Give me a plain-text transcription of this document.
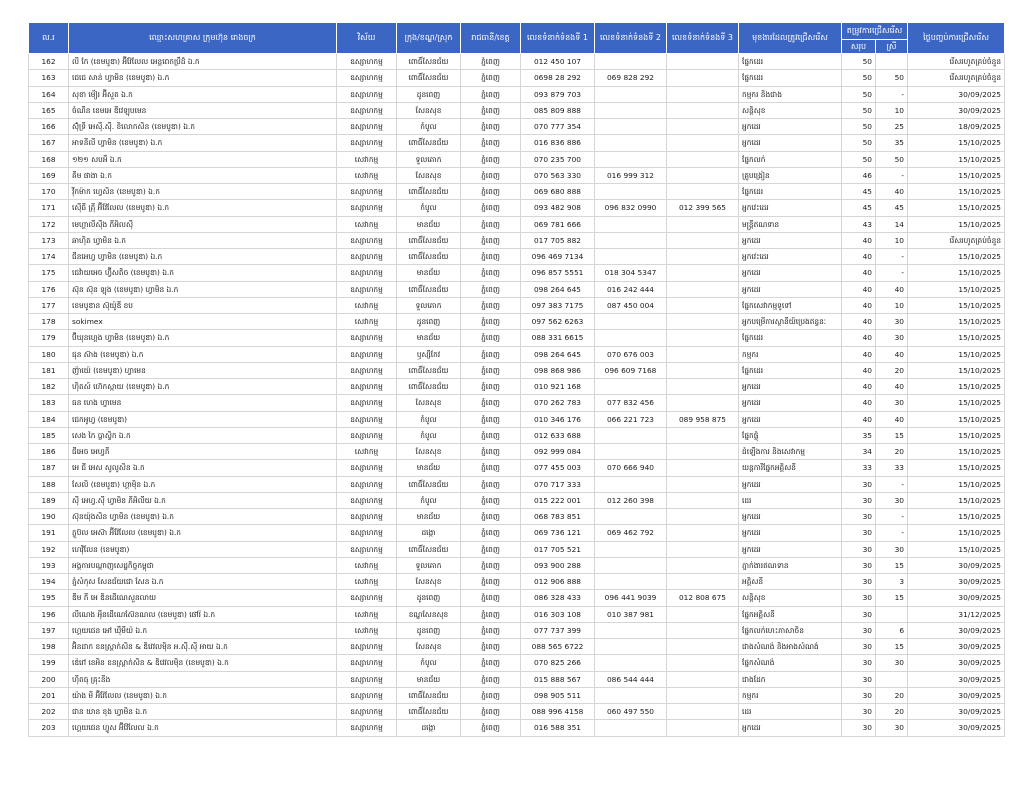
ល.រ	ឈ្មោះសហគ្រាស ក្រុមហ៊ុន រោងចក្រ	វិស័យ	ក្រុង/ខណ្ឌ/ស្រុក	រាជធានី/ខេត្ត	លេខទំនាក់ទំនងទី 1	លេខទំនាក់ទំនងទី 2	លេខទំនាក់ទំនងទី 3	មុខងារដែលត្រូវជ្រើសរើស	តម្រូវការជ្រើសរើស		ថ្ងៃបញ្ចប់ការជ្រើសរើស
									សរុប	ស្រី	
162	លី កែ (ខេមបូឌា) អ៊ីវ៉ែលែល អេន្តពេកប្រឹដ៏ ឯ.ក	ឧស្សាហកម្ម	ពោធិ៍សែនជ័យ	ភ្នំពេញ	012 450 107			ផ្នែកដេរ	50		រើសរហូតគ្រប់ចំនួន
163	ជេជេ សាន់ ហ្វាមិន (ខេមបូឌា) ឯ.ក	ឧស្សាហកម្ម	ពោធិ៍សែនជ័យ	ភ្នំពេញ	0698 28 292	069 828 292		ផ្នែកដេរ	50	50	រើសរហូតគ្រប់ចំនួន
164	សុខា ម៉ៀរ អ៊ីសួត ឯ.ក	ឧស្សាហកម្ម	ដូនពេញ	ភ្នំពេញ	093 879 703			កម្មករ និងជាង	50	-	30/09/2025
165	ចំណីន ខេមអេ ឌីវេឡុបមេន	ឧស្សាហកម្ម	សែនសុខ	ភ្នំពេញ	085 809 888			សន្តិសុខ	50	10	30/09/2025
166	ស៊ុំទ្រី អេស៊ី.ស៊ី. ខិលោកសិន (ខេមបូឌា) ឯ.ក	ឧស្សាហកម្ម	កំបូល	ភ្នំពេញ	070 777 354			អ្នកដេរ	50	25	18/09/2025
167	អាទនីលី ហ្វាមិន (ខេមបូឌា) ឯ.ក	ឧស្សាហកម្ម	ពោធិ៍សែនជ័យ	ភ្នំពេញ	016 836 886			អ្នកដេរ	50	35	15/10/2025
168	១២១ សបអឹ ឯ.ក	សេវាកម្ម	ទួលគោក	ភ្នំពេញ	070 235 700			ផ្នែកលក់	50	50	15/10/2025
169	គីម ផាងា ឯ.ក	សេវាកម្ម	សែនសុខ	ភ្នំពេញ	070 563 330	016 999 312		គ្រូបង្រៀន	46	-	15/10/2025
170	វ៉ីកម៉ាក ហ្វេសិន (ខេមបូឌា) ឯ.ក	ឧស្សាហកម្ម	ពោធិ៍សែនជ័យ	ភ្នំពេញ	069 680 888			ផ្នែកដេរ	45	40	15/10/2025
171	ស៊ើធី គ្រុី អ៊ីវ៉ែលែល (ខេមបូឌា) ឯ.ក	ឧស្សាហកម្ម	កំបូល	ភ្នំពេញ	093 482 908	096 832 0990	012 399 565	អ្នកវេះដេរ	45	45	15/10/2025
172	មេហ្គាលីស៊ីង ភីអិលស៊ី	សេវាកម្ម	មានជ័យ	ភ្នំពេញ	069 781 666			មន្ត្រីឥណទាន	43	14	15/10/2025
173	ឆាហ៊ិត ហ្វាមិន ឯ.ក	ឧស្សាហកម្ម	ពោធិ៍សែនជ័យ	ភ្នំពេញ	017 705 882			អ្នកដេរ	40	10	រើសរហូតគ្រប់ចំនួន
174	ជីនអេហ្វ ហ្វាមិន (ខេមបូឌា) ឯ.ក	ឧស្សាហកម្ម	ពោធិ៍សែនជ័យ	ភ្នំពេញ	096 469 7134			អ្នកវេះដេរ	40	-	15/10/2025
175	ជេវ៉ាយអេច ហ្វ៊ីសតិច (ខេមបូឌា) ឯ.ក	ឧស្សាហកម្ម	មានជ័យ	ភ្នំពេញ	096 857 5551	018 304 5347		អ្នកដេរ	40	-	15/10/2025
176	ស៊ុន ស៊ុន ឡុង (ខេមបូឌា) ហ្វាមិន ឯ.ក	ឧស្សាហកម្ម	ពោធិ៍សែនជ័យ	ភ្នំពេញ	098 264 645	016 242 444		អ្នកដេរ	40	40	15/10/2025
177	ខេមបូឌាន ស៊ុយ៉ូឌី ខប	សេវាកម្ម	ទួលគោក	ភ្នំពេញ	097 383 7175	087 450 004		ផ្នែកសេវាកម្មទូទៅ	40	10	15/10/2025
178	sokimex	សេវាកម្ម	ដូនពេញ	ភ្នំពេញ	097 562 6263			អ្នកបម្រើការស្ថានីយ៍ប្រេងឥន្ធនៈ	40	30	15/10/2025
179	ប៊ីឃុនហ្គេង ហ្វាមិន (ខេមបូឌា) ឯ.ក	ឧស្សាហកម្ម	មានជ័យ	ភ្នំពេញ	088 331 6615			ផ្នែកដេរ	40	30	15/10/2025
180	ជុន ស៊ាង (ខេមបូឌា) ឯ.ក	ឧស្សាហកម្ម	ឫស្សីកែវ	ភ្នំពេញ	098 264 645	070 676 003		កម្មករ	40	40	15/10/2025
181	ញ៉ាយ៉េ (ខេមបូឌា) ហ្វាមេន	ឧស្សាហកម្ម	ពោធិ៍សែនជ័យ	ភ្នំពេញ	098 868 986	096 609 7168		ផ្នែកដេរ	40	20	15/10/2025
182	ហ៊ិតស៍ ហ៊េកស្កាយ (ខេមបូឌា) ឯ.ក	ឧស្សាហកម្ម	ពោធិ៍សែនជ័យ	ភ្នំពេញ	010 921 168			អ្នកដេរ	40	40	15/10/2025
183	ធន ហេង ហ្វាមេន	ឧស្សាហកម្ម	សែនសុខ	ភ្នំពេញ	070 262 783	077 832 456		អ្នកដេរ	40	30	15/10/2025
184	ជេកអូហ្វ (ខេមបូឌា)	ឧស្សាហកម្ម	កំបូល	ភ្នំពេញ	010 346 176	066 221 723	089 958 875	អ្នកដេរ	40	40	15/10/2025
185	សេង កៃ ប្លាស្ទិក ឯ.ក	ឧស្សាហកម្ម	កំបូល	ភ្នំពេញ	012 633 688			ផ្នែកផ្លុំ	35	15	15/10/2025
186	ជីអេច អេហ្វភី	សេវាកម្ម	សែនសុខ	ភ្នំពេញ	092 999 084			ដំឡើងការ និងសេវាកម្ម	34	20	15/10/2025
187	អេ ជី អេស សូលូសិន ឯ.ក	ឧស្សាហកម្ម	មានជ័យ	ភ្នំពេញ	077 455 003	070 666 940		យន្តការីផ្នែកអគ្គិសនី	33	33	15/10/2025
188	សែលិ (ខេមបូឌា) ហ្គាម៉ិន ឯ.ក	ឧស្សាហកម្ម	ពោធិ៍សែនជ័យ	ភ្នំពេញ	070 717 333			អ្នកដេរ	30	-	15/10/2025
189	ស៊ី អេហ្វ.ស៊ី ហ្វាមិន ភីអិលីយ ឯ.ក	ឧស្សាហកម្ម	កំបូល	ភ្នំពេញ	015 222 001	012 260 398		ដេរ	30	30	15/10/2025
190	ស៊ុនយ៉ុងសិន ហ្វាមិន (ខេមបូឌា) ឯ.ក	ឧស្សាហកម្ម	មានជ័យ	ភ្នំពេញ	068 783 851			អ្នកដេរ	30	-	15/10/2025
191	ភ្លូប៊ល អេស៊ា អ៊ីវ៉ែលែល (ខេមបូឌា) ឯ.ក	ឧស្សាហកម្ម	ដង្កោ	ភ្នំពេញ	069 736 121	069 462 792		អ្នកដេរ	30	-	15/10/2025
192	ហេវ៉ិលែន (ខេមបូឌា)	ឧស្សាហកម្ម	ពោធិ៍សែនជ័យ	ភ្នំពេញ	017 705 521			អ្នកដេរ	30	30	15/10/2025
193	អង្គការបណ្តាញសេដ្ឋកិច្ចកម្ពុជា	សេវាកម្ម	ទួលគោក	ភ្នំពេញ	093 900 288			ភ្នាក់ងារឥណទាន	30	15	30/09/2025
194	ភ្នំសំកុស សែនជ័យជោ សែន ឯ.ក	សេវាកម្ម	សែនសុខ	ភ្នំពេញ	012 906 888			អគ្គិសនី	30	3	30/09/2025
195	ឌីម ភី អេ ឌិនដើណេសួនលាយ	ឧស្សាហកម្ម	ដូនពេញ	ភ្នំពេញ	086 328 433	096 441 9039	012 808 675	សន្តិសុខ	30	15	30/09/2025
196	លីណេង អុីនដើណេស៊ែនណល (ខេមបូឌា) ផៅរ៉ ឯ.ក	សេវាកម្ម	ខណ្ឌសែនសុខ	ភ្នំពេញ	016 303 108	010 387 981		ផ្នែកអគ្គិសនី	30		31/12/2025
197	ហ្គេយជេន អៅ ឃុឹមីយ៉ ឯ.ក	សេវាកម្ម	ដូនពេញ	ភ្នំពេញ	077 737 399			ផ្នែកលក់ហេះភាសាចិន	30	6	30/09/2025
198	អ៊ិនដាក ខនស្ត្រាក់សិន & ឌិវេវលម៉ិន អ.ស៊ី.ស៊ី អាយ ឯ.ក	ឧស្សាហកម្ម	សែនសុខ	ភ្នំពេញ	088 565 6722			ជាងសំណង់ និងអាងសំណង់	30	15	30/09/2025
199	ឌ៉េរៅ ខេអិន ខនស្ត្រាក់សិន & ឌិវេវលម៉ិន (ខេមបូឌា) ឯ.ក	ឧស្សាហកម្ម	កំបូល	ភ្នំពេញ	070 825 266			ផ្នែកសំណង់	30	30	30/09/2025
200	ហ៊ីតធុ គ្រុះនីង	ឧស្សាហកម្ម	មានជ័យ	ភ្នំពេញ	015 888 567	086 544 444		ជាងដែក	30		30/09/2025
201	យ៉ាង មី អ៊ីវ៉ែលែល (ខេមបូឌា) ឯ.ក	ឧស្សាហកម្ម	ពោធិ៍សែនជ័យ	ភ្នំពេញ	098 905 511			កម្មករ	30	20	30/09/2025
202	ជាន យាន ខុង ហ្វាមិន ឯ.ក	ឧស្សាហកម្ម	ពោធិ៍សែនជ័យ	ភ្នំពេញ	088 996 4158	060 497 550		ដេរ	30	20	30/09/2025
203	ហ្គេយជេន ហ្វូស អ៊ីវ៉ែលែល ឯ.ក	ឧស្សាហកម្ម	ដង្កោ	ភ្នំពេញ	016 588 351			អ្នកដេរ	30	30	30/09/2025
